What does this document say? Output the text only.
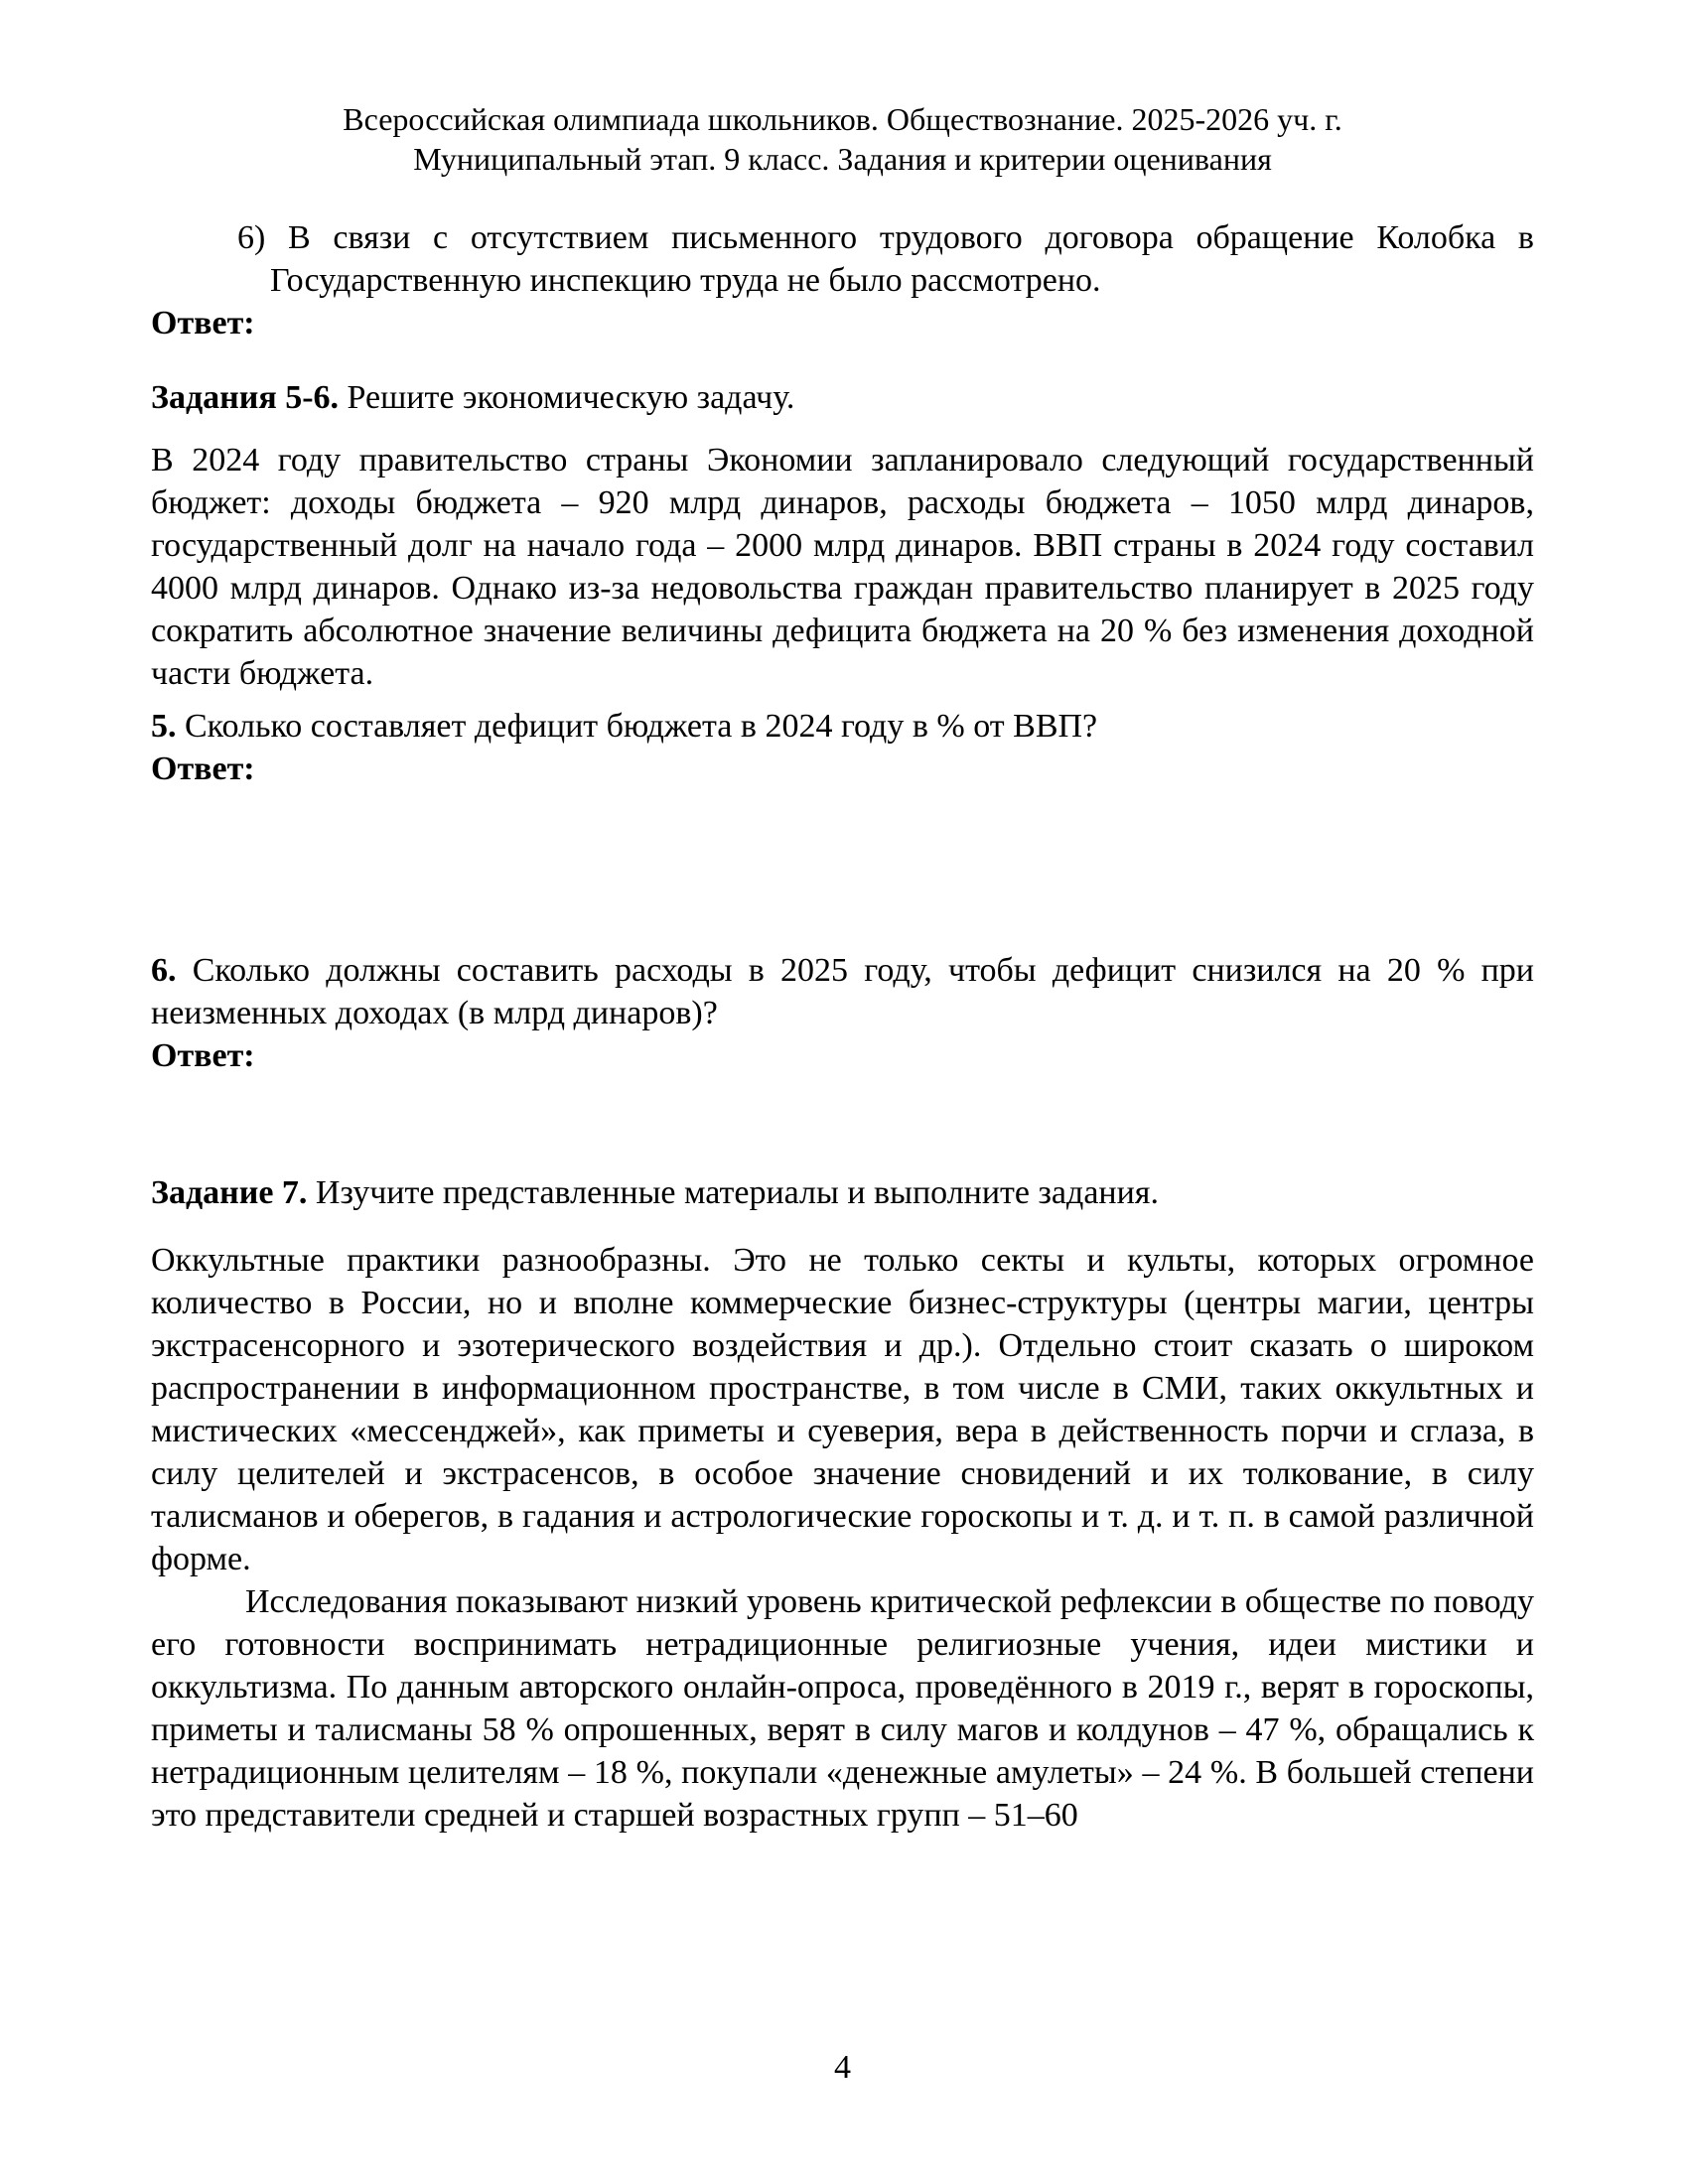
Всероссийская олимпиада школьников. Обществознание. 2025-2026 уч. г.
Муниципальный этап. 9 класс. Задания и критерии оценивания

6) В связи с отсутствием письменного трудового договора обращение Колобка в Государственную инспекцию труда не было рассмотрено.

Ответ:

Задания 5-6. Решите экономическую задачу.

В 2024 году правительство страны Экономии запланировало следующий государственный бюджет: доходы бюджета – 920 млрд динаров, расходы бюджета – 1050 млрд динаров, государственный долг на начало года – 2000 млрд динаров. ВВП страны в 2024 году составил 4000 млрд динаров. Однако из-за недовольства граждан правительство планирует в 2025 году сократить абсолютное значение величины дефицита бюджета на 20 % без изменения доходной части бюджета.

5. Сколько составляет дефицит бюджета в 2024 году в % от ВВП?

Ответ:

6. Сколько должны составить расходы в 2025 году, чтобы дефицит снизился на 20 % при неизменных доходах (в млрд динаров)?

Ответ:

Задание 7. Изучите представленные материалы и выполните задания.

Оккультные практики разнообразны. Это не только секты и культы, которых огромное количество в России, но и вполне коммерческие бизнес-структуры (центры магии, центры экстрасенсорного и эзотерического воздействия и др.). Отдельно стоит сказать о широком распространении в информационном пространстве, в том числе в СМИ, таких оккультных и мистических «мессенджей», как приметы и суеверия, вера в действенность порчи и сглаза, в силу целителей и экстрасенсов, в особое значение сновидений и их толкование, в силу талисманов и оберегов, в гадания и астрологические гороскопы и т. д. и т. п. в самой различной форме.

Исследования показывают низкий уровень критической рефлексии в обществе по поводу его готовности воспринимать нетрадиционные религиозные учения, идеи мистики и оккультизма. По данным авторского онлайн-опроса, проведённого в 2019 г., верят в гороскопы, приметы и талисманы 58 % опрошенных, верят в силу магов и колдунов – 47 %, обращались к нетрадиционным целителям – 18 %, покупали «денежные амулеты» – 24 %. В большей степени это представители средней и старшей возрастных групп – 51–60

4
